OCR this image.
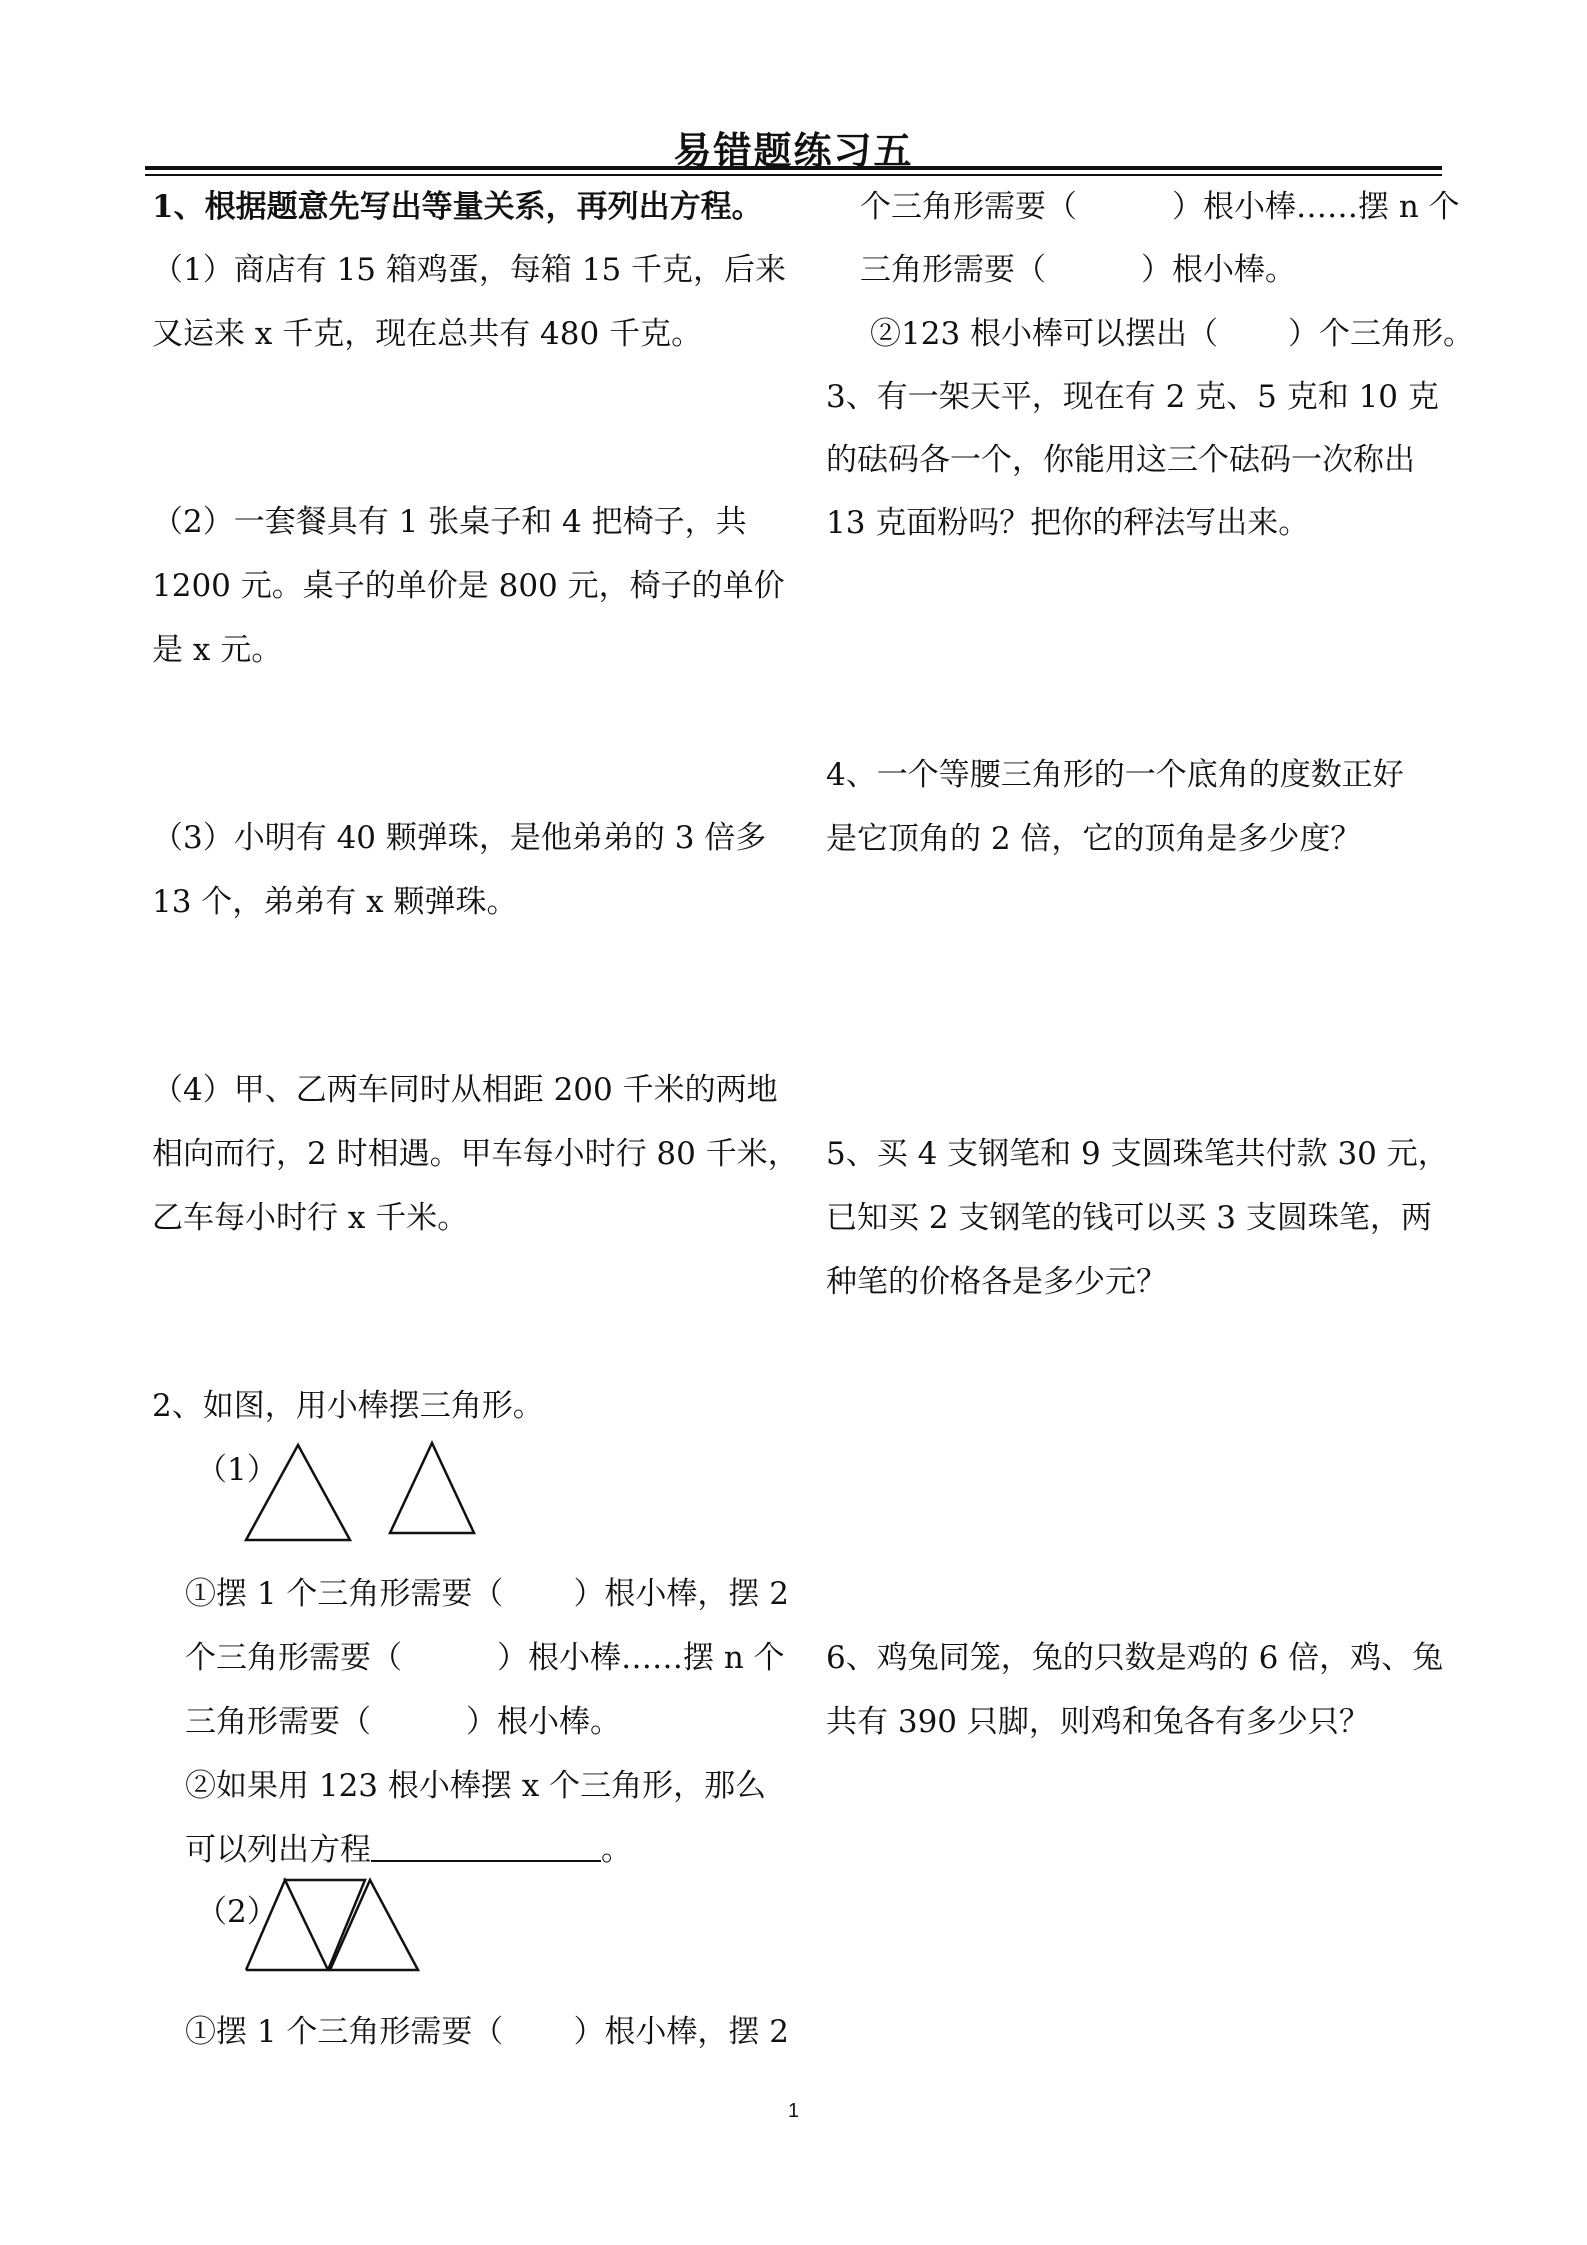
易错题练习五
1、根据题意先写出等量关系，再列出方程。
（1）商店有 15 箱鸡蛋，每箱 15 千克，后来
又运来 x 千克，现在总共有 480 千克。
（2）一套餐具有 1 张桌子和 4 把椅子，共
1200 元。桌子的单价是 800 元，椅子的单价
是 x 元。
（3）小明有 40 颗弹珠，是他弟弟的 3 倍多
13 个，弟弟有 x 颗弹珠。
（4）甲、乙两车同时从相距 200 千米的两地
相向而行，2 时相遇。甲车每小时行 80 千米，
乙车每小时行 x 千米。
2、如图，用小棒摆三角形。
（1）
①摆 1 个三角形需要（ ）根小棒，摆 2
个三角形需要（	）根小棒……摆 n 个
三角形需要（	）根小棒。
②如果用 123 根小棒摆 x 个三角形，那么
可以列出方程	。
（2）
①摆 1 个三角形需要（ ）根小棒，摆 2
个三角形需要（	）根小棒……摆 n 个
三角形需要（	）根小棒。
②123 根小棒可以摆出（ ）个三角形。
3、有一架天平，现在有 2 克、5 克和 10 克
的砝码各一个，你能用这三个砝码一次称出
13 克面粉吗？把你的秤法写出来。
4、一个等腰三角形的一个底角的度数正好
是它顶角的 2 倍，它的顶角是多少度？
5、买 4 支钢笔和 9 支圆珠笔共付款 30 元，
已知买 2 支钢笔的钱可以买 3 支圆珠笔，两
种笔的价格各是多少元？
6、鸡兔同笼，兔的只数是鸡的 6 倍，鸡、兔
共有 390 只脚，则鸡和兔各有多少只？
1
